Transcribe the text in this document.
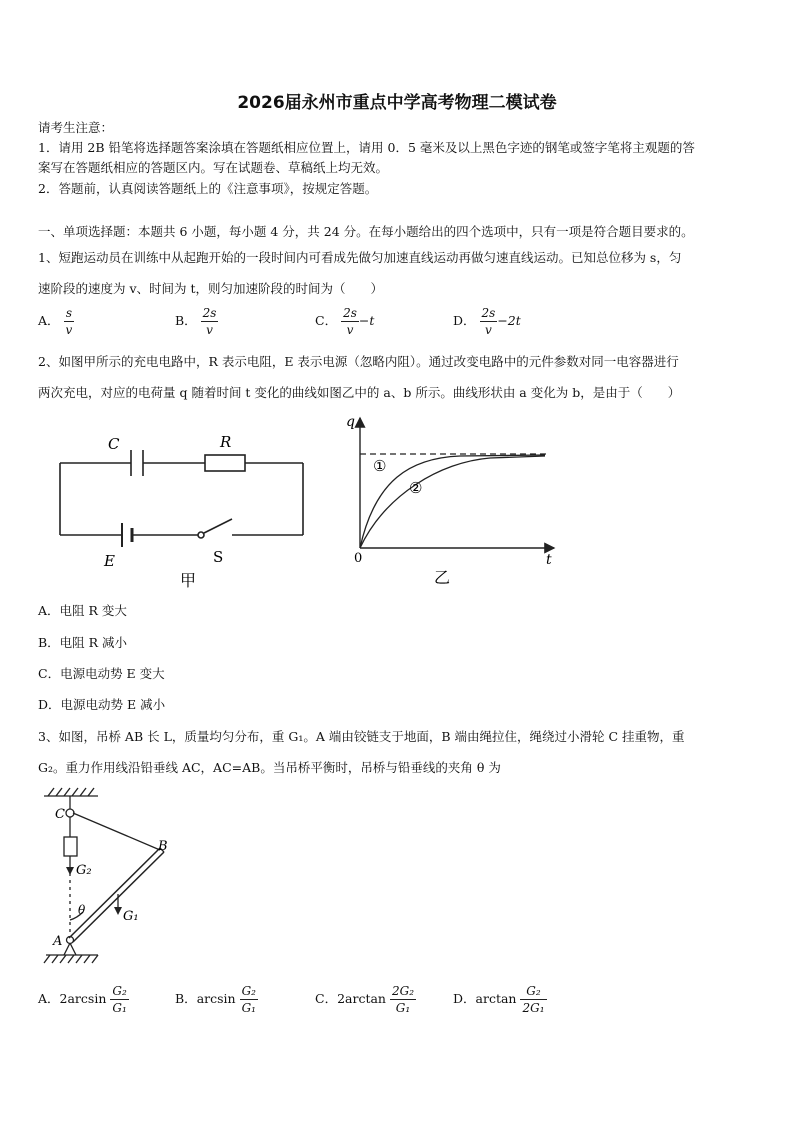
2026届永州市重点中学高考物理二模试卷
请考生注意：
1．请用 2B 铅笔将选择题答案涂填在答题纸相应位置上，请用 0．5 毫米及以上黑色字迹的钢笔或签字笔将主观题的答
案写在答题纸相应的答题区内。写在试题卷、草稿纸上均无效。
2．答题前，认真阅读答题纸上的《注意事项》，按规定答题。
一、单项选择题：本题共 6 小题，每小题 4 分，共 24 分。在每小题给出的四个选项中，只有一项是符合题目要求的。
1、短跑运动员在训练中从起跑开始的一段时间内可看成先做匀加速直线运动再做匀速直线运动。已知总位移为 s，匀
速阶段的速度为 v、时间为 t，则匀加速阶段的时间为（　　）
A． $\frac{s}{v}$	B． $\frac{2s}{v}$	C． $\frac{2s}{v} -t$	D． $\frac{2s}{v} -2t$
2、如图甲所示的充电电路中，R 表示电阻，E 表示电源（忽略内阻）。通过改变电路中的元件参数对同一电容器进行
两次充电，对应的电荷量 q 随着时间 t 变化的曲线如图乙中的 a、b 所示。曲线形状由 a 变化为 b，是由于（　　）
C	R
E	S
甲
q
t
0
①
②
乙
A．电阻 R 变大
B．电阻 R 减小
C．电源电动势 E 变大
D．电源电动势 E 减小
3、如图，吊桥 AB 长 L，质量均匀分布，重 G₁。A 端由铰链支于地面，B 端由绳拉住，绳绕过小滑轮 C 挂重物，重
G₂。重力作用线沿铅垂线 AC，AC=AB。当吊桥平衡时，吊桥与铅垂线的夹角 θ 为
C
B
A
G₂
G₁
θ
A．$2\arcsin \frac{\text{G₂}}{\text{G₁}}$	B．$\arcsin \frac{\text{G₂}}{\text{G₁}}$	C．$2\arctan \frac{\text{2G₂}}{\text{G₁}}$	D．$\arctan \frac{\text{G₂}}{\text{2G₁}}$
